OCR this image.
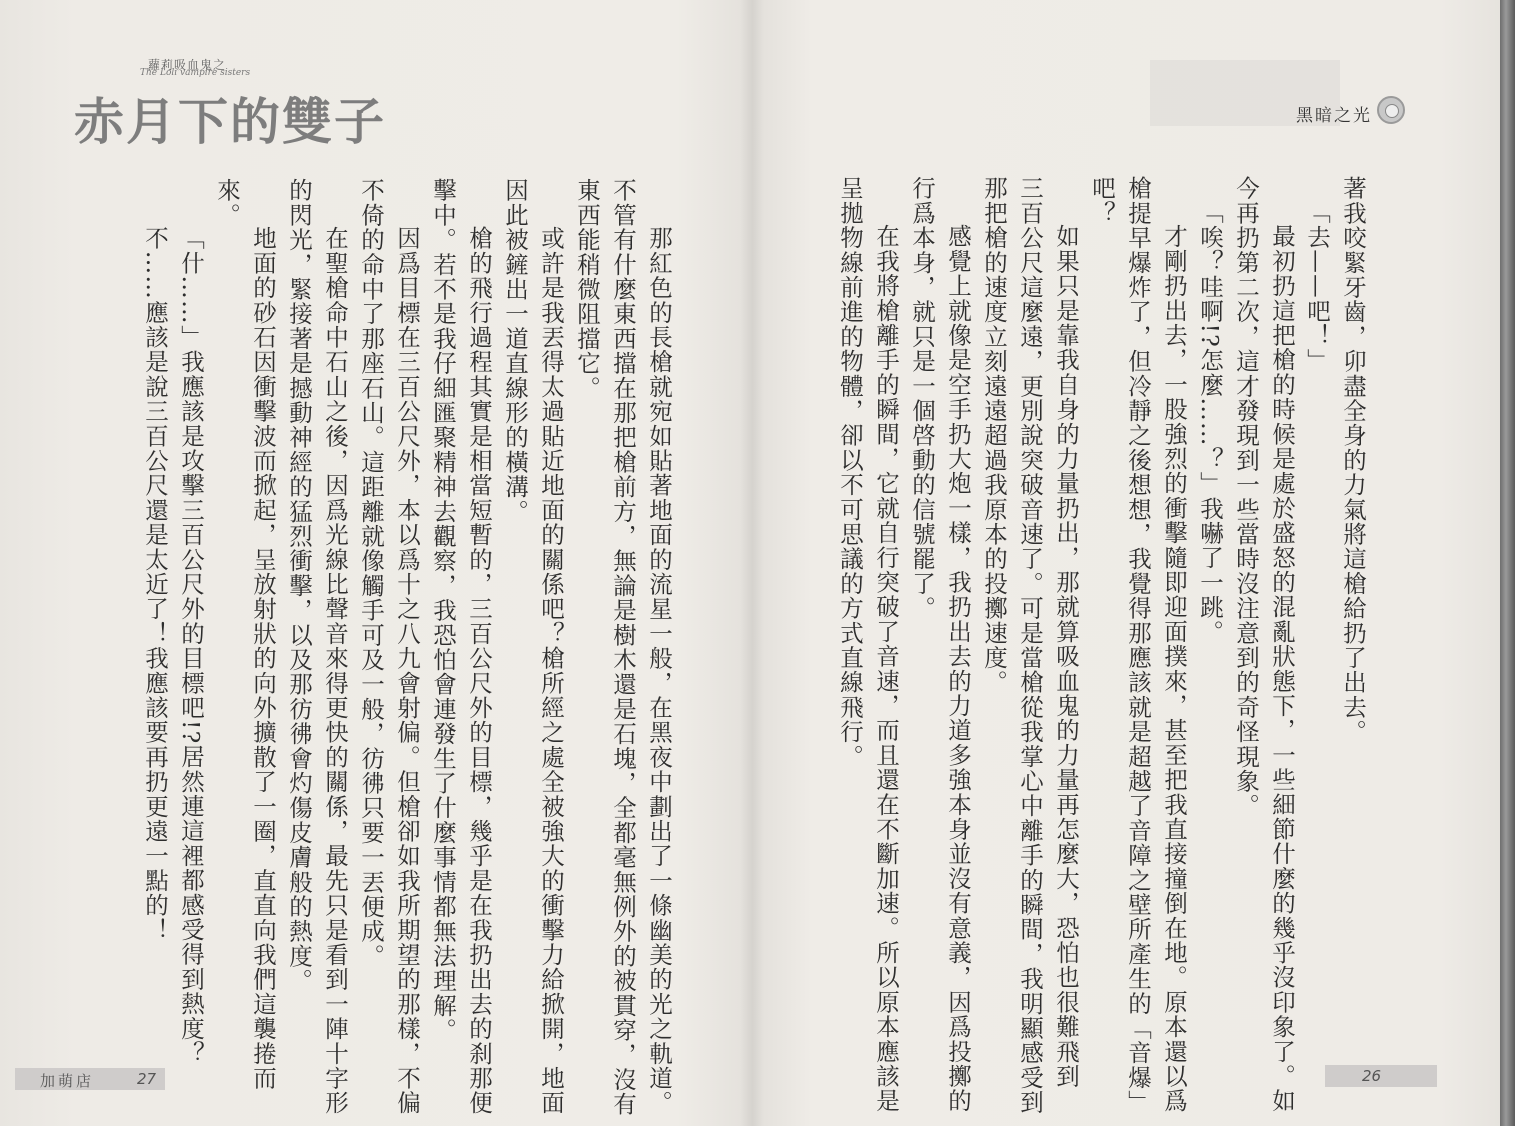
蘿莉吸血鬼之
The Loli vampire sisters
赤月下的雙子	黑暗之光
著我咬緊牙齒，卯盡全身的力氣將這槍給扔了出去。
「去——吧！」
最初扔這把槍的時候是處於盛怒的混亂狀態下，一些細節什麼的幾乎沒印象了。如
今再扔第二次，這才發現到一些當時沒注意到的奇怪現象。
「唉？哇啊!?怎麼……？」我嚇了一跳。
才剛扔出去，一股強烈的衝擊隨即迎面撲來，甚至把我直接撞倒在地。原本還以爲
槍提早爆炸了，但冷靜之後想想，我覺得那應該就是超越了音障之壁所產生的「音爆」
吧？
如果只是靠我自身的力量扔出，那就算吸血鬼的力量再怎麼大，恐怕也很難飛到
三百公尺這麼遠，更別說突破音速了。可是當槍從我掌心中離手的瞬間，我明顯感受到
那把槍的速度立刻遠遠超過我原本的投擲速度。
感覺上就像是空手扔大炮一樣，我扔出去的力道多強本身並沒有意義，因爲投擲的
行爲本身，就只是一個啓動的信號罷了。
在我將槍離手的瞬間，它就自行突破了音速，而且還在不斷加速。所以原本應該是
呈拋物線前進的物體，卻以不可思議的方式直線飛行。
那紅色的長槍就宛如貼著地面的流星一般，在黑夜中劃出了一條幽美的光之軌道。
不管有什麼東西擋在那把槍前方，無論是樹木還是石塊，全都毫無例外的被貫穿，沒有
東西能稍微阻擋它。
或許是我丟得太過貼近地面的關係吧？槍所經之處全被強大的衝擊力給掀開，地面
因此被鏟出一道直線形的橫溝。
槍的飛行過程其實是相當短暫的，三百公尺外的目標，幾乎是在我扔出去的刹那便
擊中。若不是我仔細匯聚精神去觀察，我恐怕會連發生了什麼事情都無法理解。
因爲目標在三百公尺外，本以爲十之八九會射偏。但槍卻如我所期望的那樣，不偏
不倚的命中了那座石山。這距離就像觸手可及一般，彷彿只要一丟便成。
在聖槍命中石山之後，因爲光線比聲音來得更快的關係，最先只是看到一陣十字形
的閃光，緊接著是撼動神經的猛烈衝擊，以及那彷彿會灼傷皮膚般的熱度。
地面的砂石因衝擊波而掀起，呈放射狀的向外擴散了一圈，直直向我們這襲捲而
來。
「什……」我應該是攻擊三百公尺外的目標吧!?居然連這裡都感受得到熱度？
不……應該是說三百公尺還是太近了！我應該要再扔更遠一點的！
加萌店	27	26
